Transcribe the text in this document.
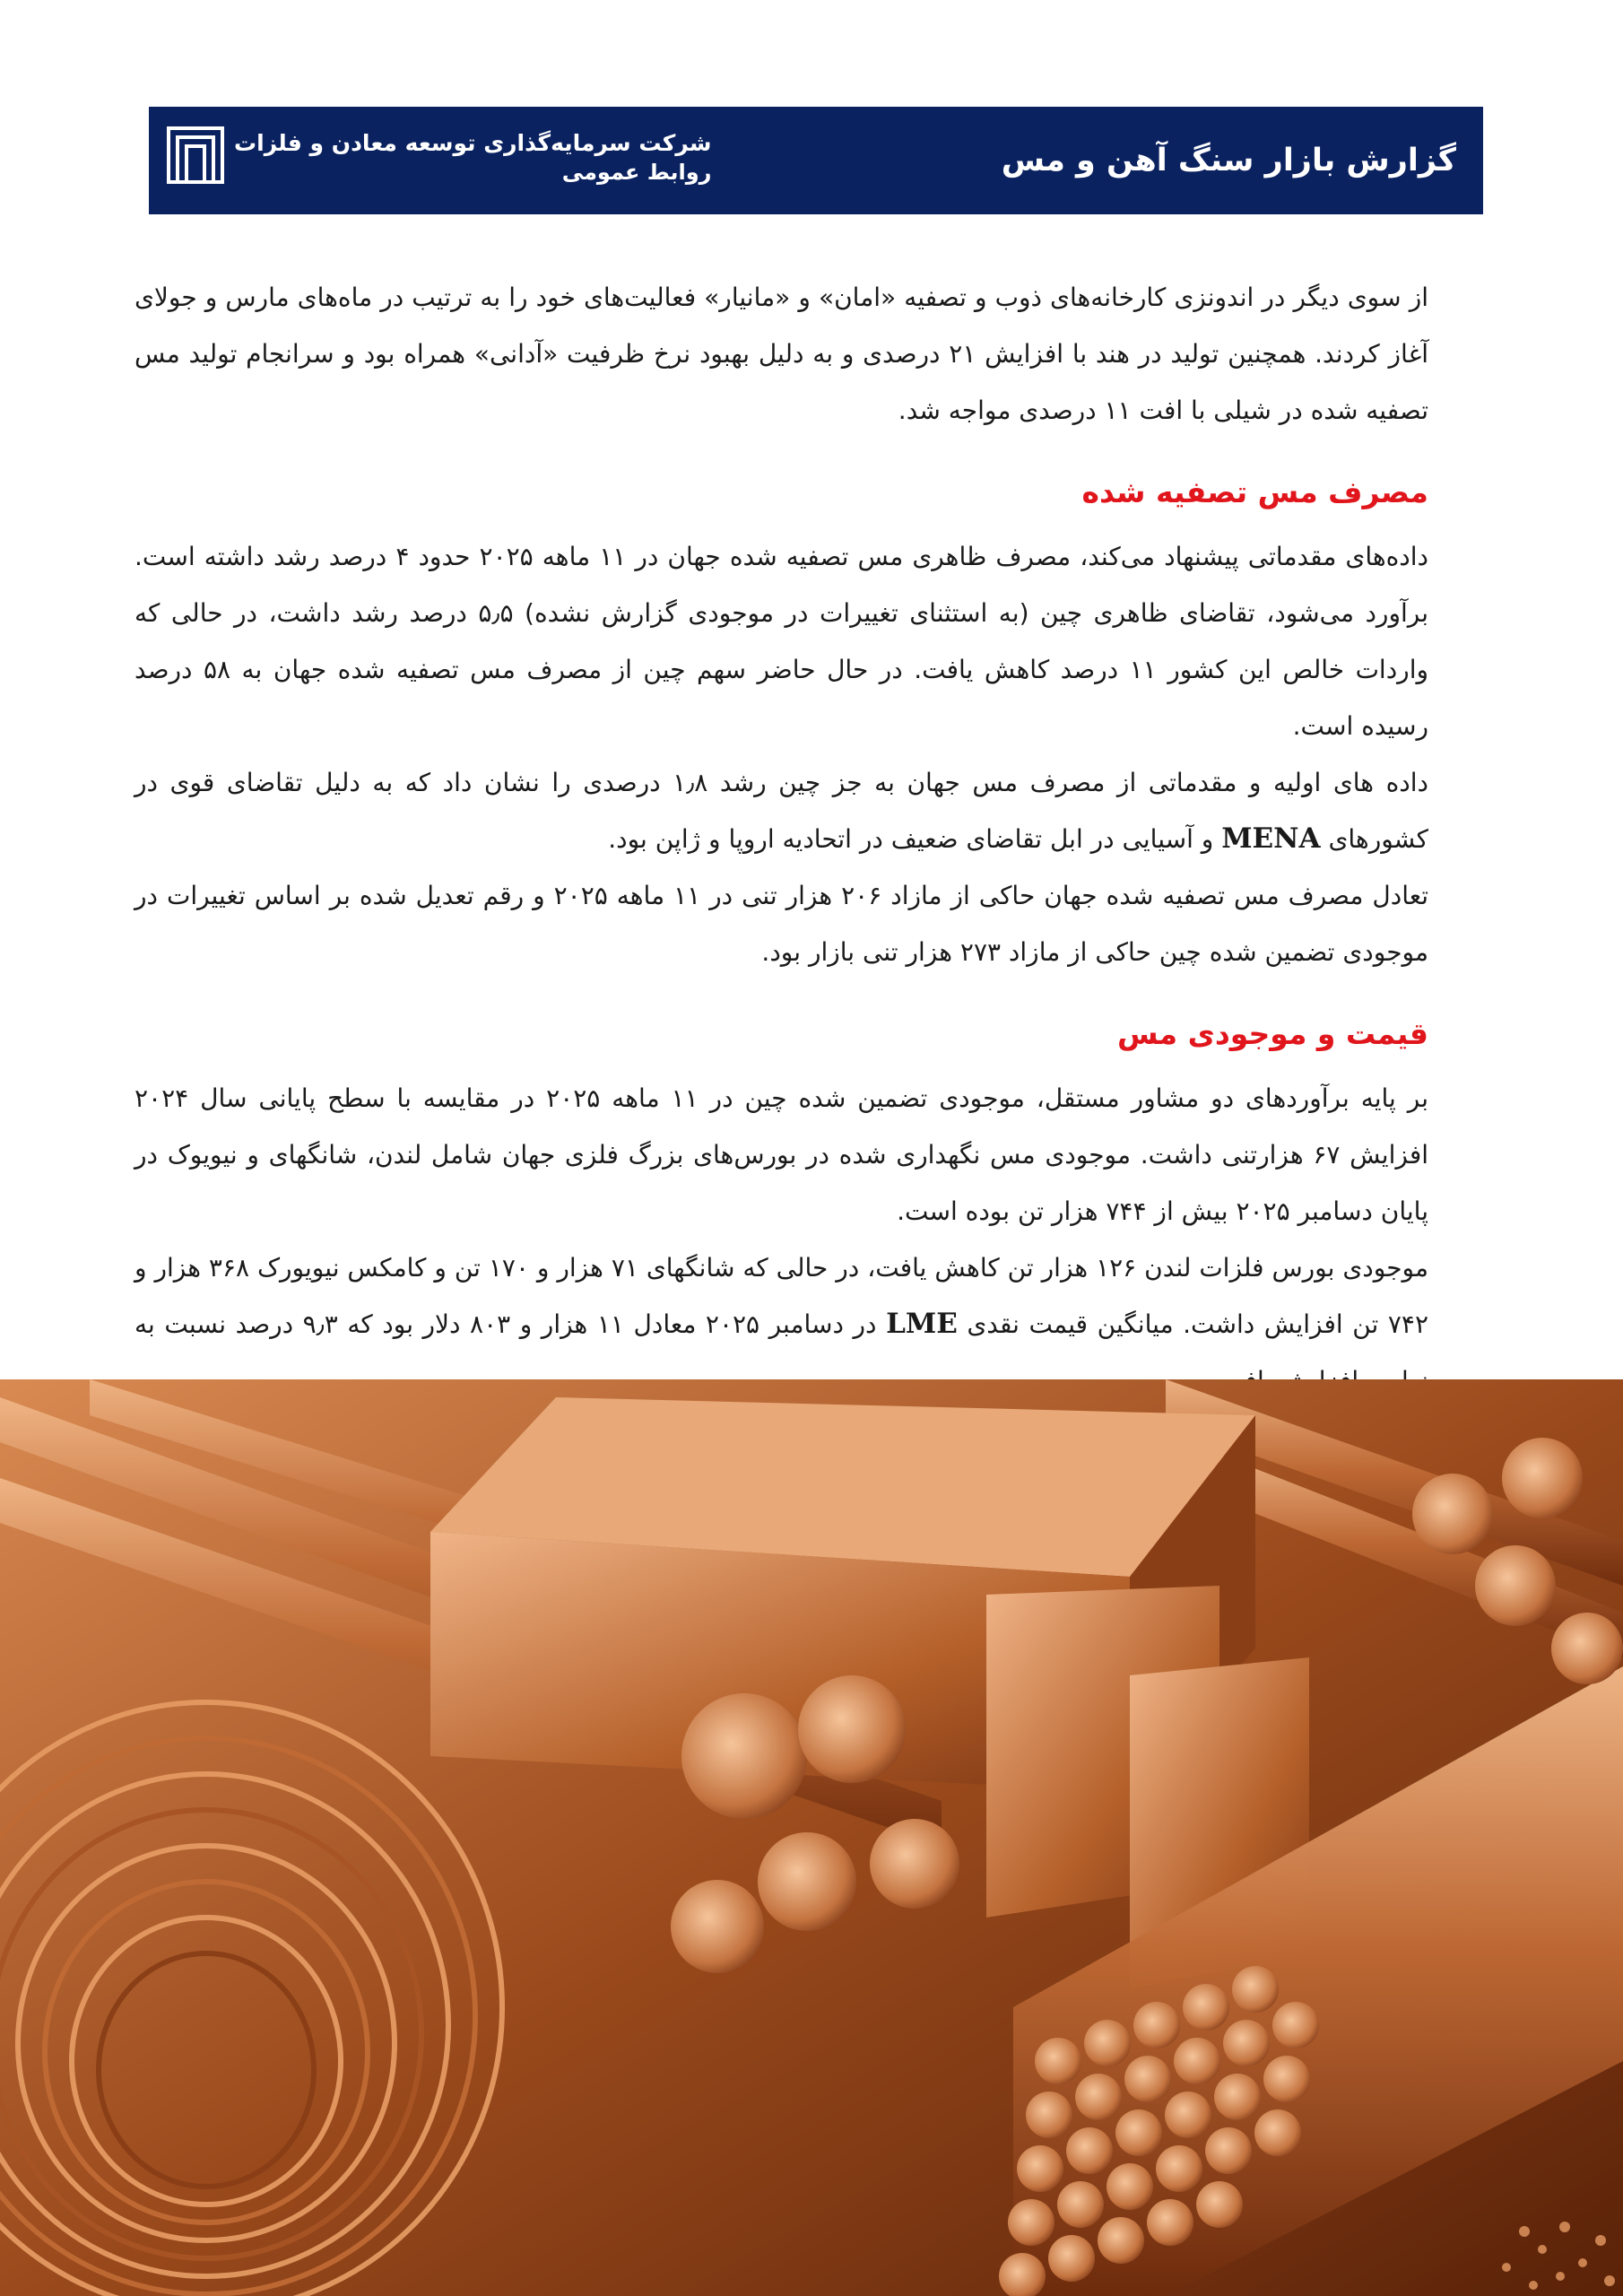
گزارش بازار سنگ آهن و مس
شرکت سرمایه‌گذاری توسعه معادن و فلزات
روابط عمومی

از سوی دیگر در اندونزی کارخانه‌های ذوب و تصفیه «امان» و «مانیار» فعالیت‌های خود را به ترتیب در ماه‌های مارس و جولای آغاز کردند. همچنین تولید در هند با افزایش ۲۱ درصدی و به دلیل بهبود نرخ ظرفیت «آدانی» همراه بود و سرانجام تولید مس تصفیه شده در شیلی با افت ۱۱ درصدی مواجه شد.

مصرف مس تصفیه شده

داده‌های مقدماتی پیشنهاد می‌کند، مصرف ظاهری مس تصفیه شده جهان در ۱۱ ماهه ۲۰۲۵ حدود ۴ درصد رشد داشته است. برآورد می‌شود، تقاضای ظاهری چین (به استثنای تغییرات در موجودی گزارش نشده) ۵٫۵ درصد رشد داشت، در حالی که واردات خالص این کشور ۱۱ درصد کاهش یافت. در حال حاضر سهم چین از مصرف مس تصفیه شده جهان به ۵۸ درصد رسیده است.

داده های اولیه و مقدماتی از مصرف مس جهان به جز چین رشد ۱٫۸ درصدی را نشان داد که به دلیل تقاضای قوی در کشورهای MENA و آسیایی در ابل تقاضای ضعیف در اتحادیه اروپا و ژاپن بود.

تعادل مصرف مس تصفیه شده جهان حاکی از مازاد ۲۰۶ هزار تنی در ۱۱ ماهه ۲۰۲۵ و رقم تعدیل شده بر اساس تغییرات در موجودی تضمین شده چین حاکی از مازاد ۲۷۳ هزار تنی بازار بود.

قیمت و موجودی مس

بر پایه برآوردهای دو مشاور مستقل، موجودی تضمین شده چین در ۱۱ ماهه ۲۰۲۵ در مقایسه با سطح پایانی سال ۲۰۲۴ افزایش ۶۷ هزارتنی داشت. موجودی مس نگهداری شده در بورس‌های بزرگ فلزی جهان شامل لندن، شانگهای و نیویوک در پایان دسامبر ۲۰۲۵ بیش از ۷۴۴ هزار تن بوده است.

موجودی بورس فلزات لندن ۱۲۶ هزار تن کاهش یافت، در حالی که شانگهای ۷۱ هزار و ۱۷۰ تن و کامکس نیویورک ۳۶۸ هزار و ۷۴۲ تن افزایش داشت. میانگین قیمت نقدی LME در دسامبر ۲۰۲۵ معادل ۱۱ هزار و ۸۰۳ دلار بود که ۹٫۳ درصد نسبت به
